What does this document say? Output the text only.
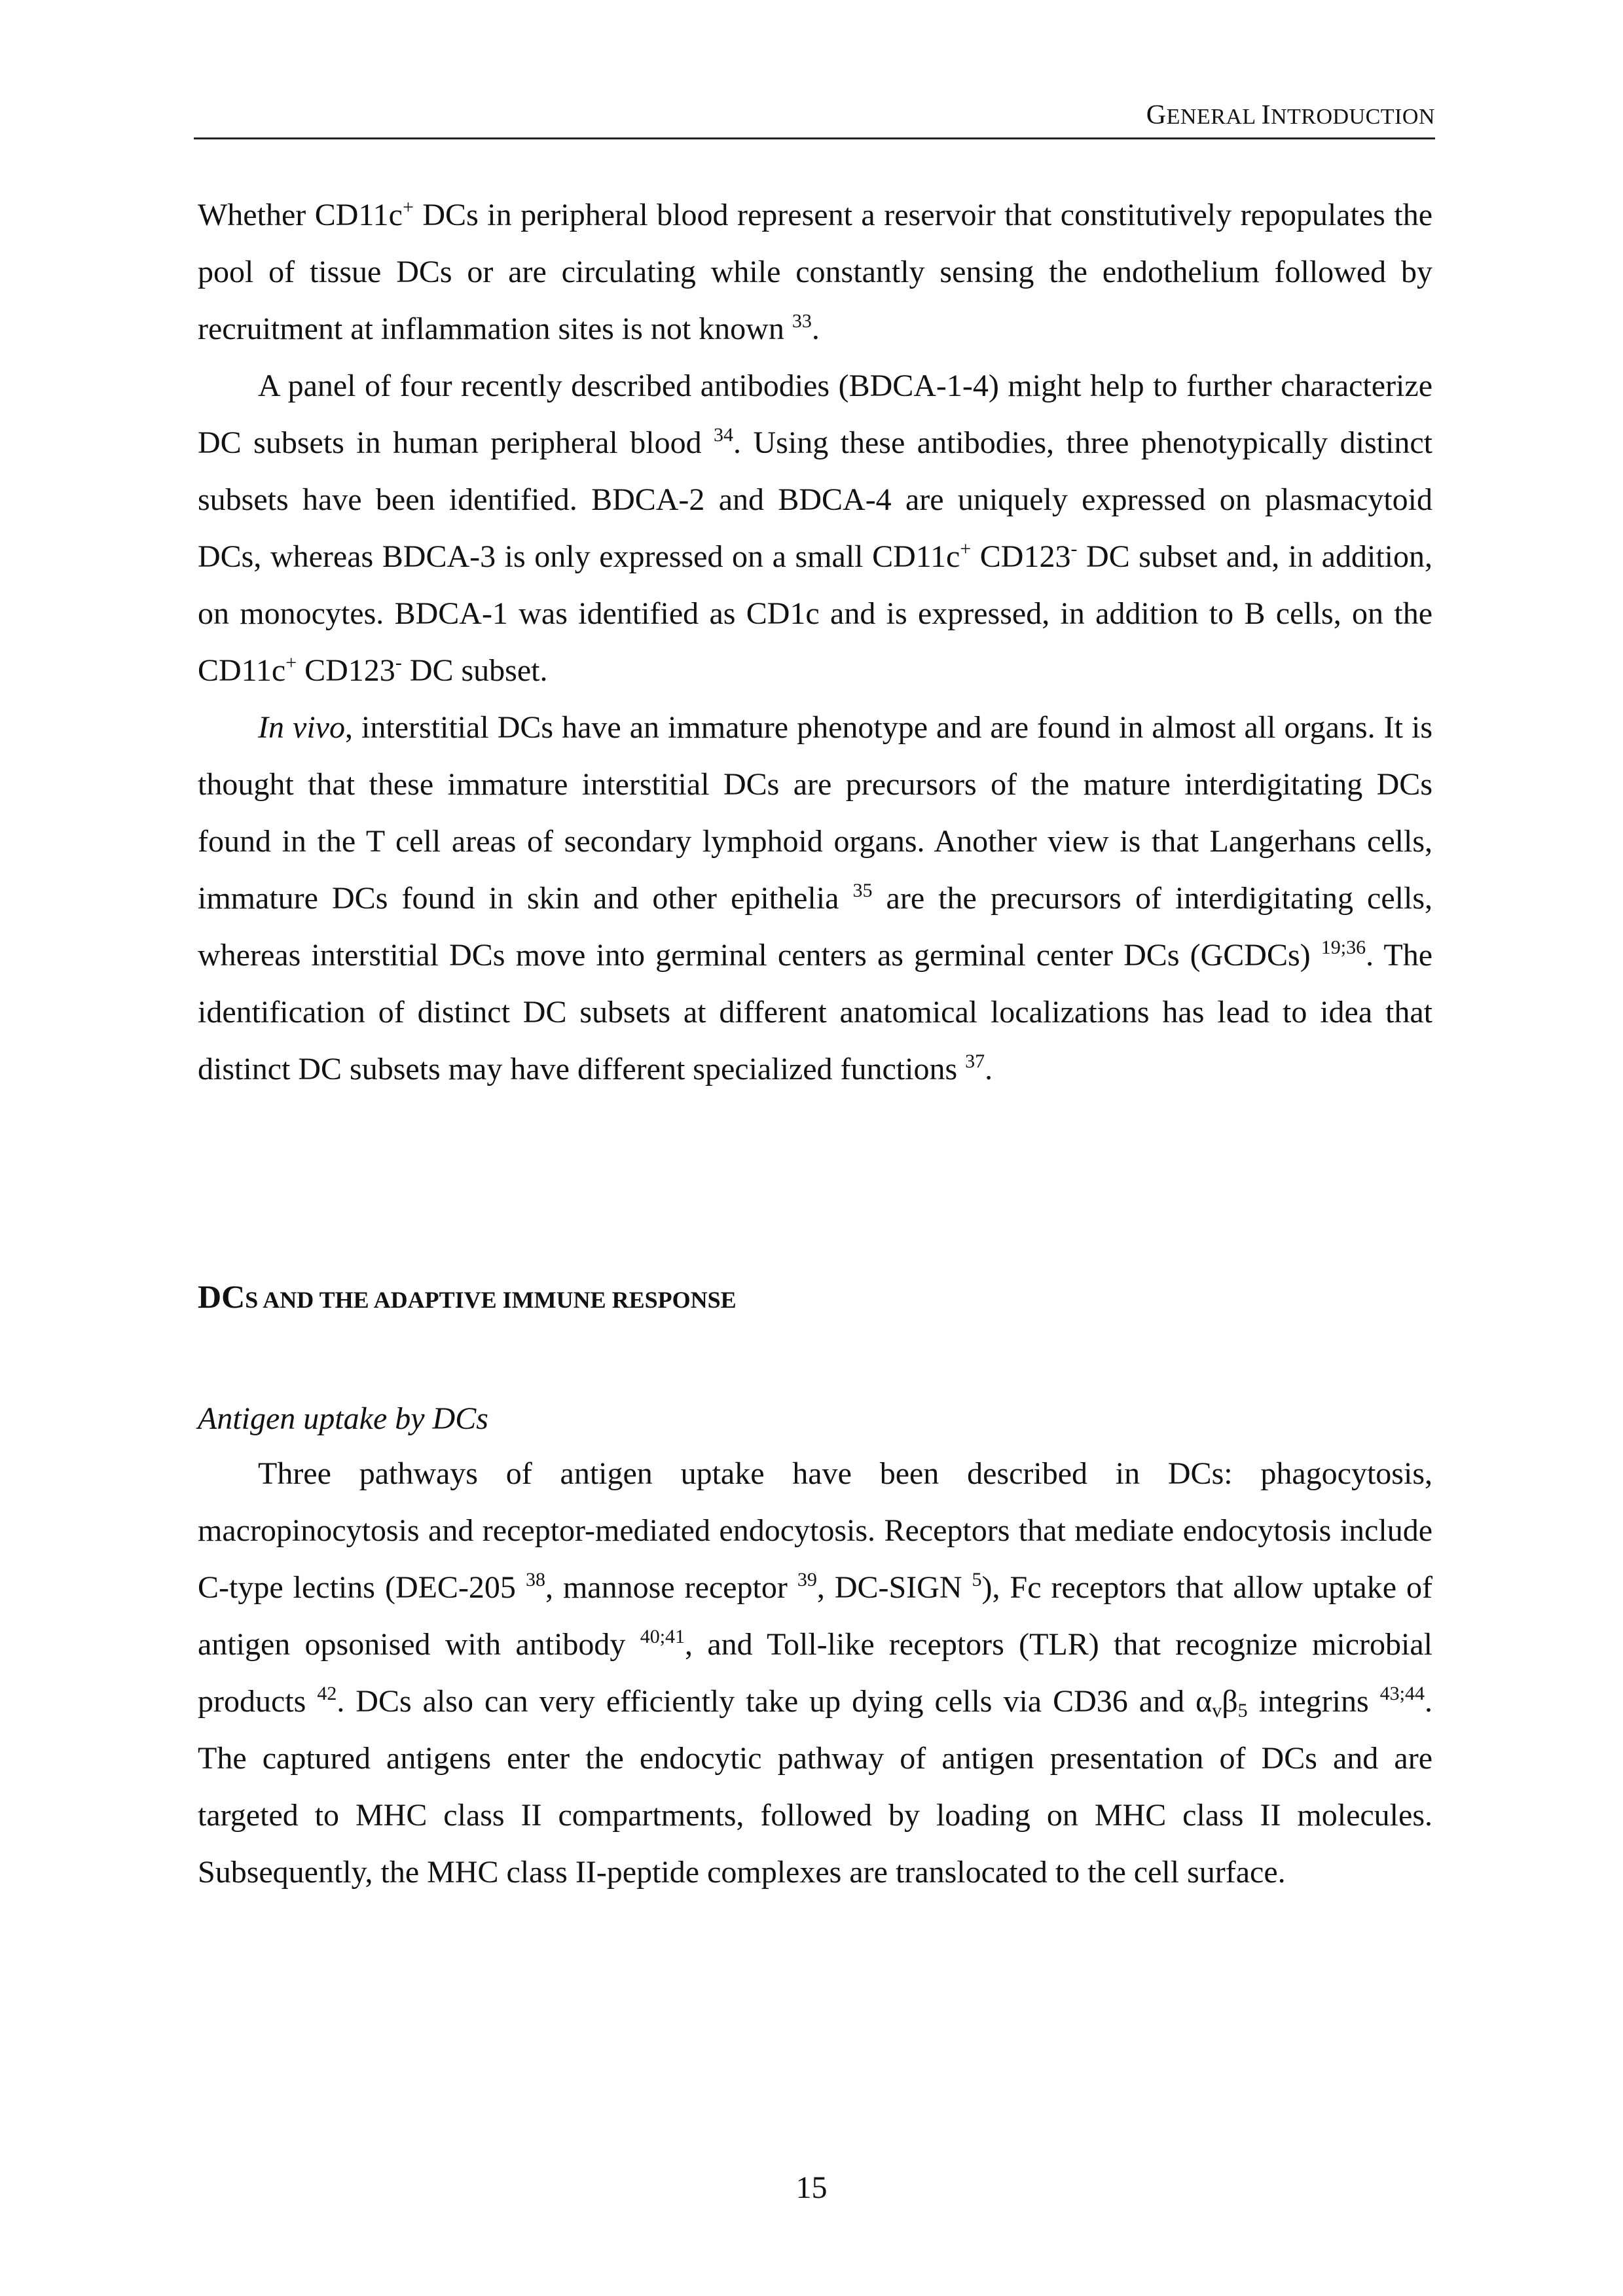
GENERAL INTRODUCTION

Whether CD11c+ DCs in peripheral blood represent a reservoir that constitutively repopulates the pool of tissue DCs or are circulating while constantly sensing the endothelium followed by recruitment at inflammation sites is not known $^{33}$.

A panel of four recently described antibodies (BDCA-1-4) might help to further characterize DC subsets in human peripheral blood $^{34}$. Using these antibodies, three phenotypically distinct subsets have been identified. BDCA-2 and BDCA-4 are uniquely expressed on plasmacytoid DCs, whereas BDCA-3 is only expressed on a small CD11c+ CD123- DC subset and, in addition, on monocytes. BDCA-1 was identified as CD1c and is expressed, in addition to B cells, on the CD11c+ CD123- DC subset.

In vivo, interstitial DCs have an immature phenotype and are found in almost all organs. It is thought that these immature interstitial DCs are precursors of the mature interdigitating DCs found in the T cell areas of secondary lymphoid organs. Another view is that Langerhans cells, immature DCs found in skin and other epithelia $^{35}$ are the precursors of interdigitating cells, whereas interstitial DCs move into germinal centers as germinal center DCs (GCDCs) $^{19;36}$. The identification of distinct DC subsets at different anatomical localizations has lead to idea that distinct DC subsets may have different specialized functions $^{37}$.

DCS AND THE ADAPTIVE IMMUNE RESPONSE
Antigen uptake by DCs

Three pathways of antigen uptake have been described in DCs: phagocytosis, macropinocytosis and receptor-mediated endocytosis. Receptors that mediate endocytosis include C-type lectins (DEC-205 $^{38}$, mannose receptor $^{39}$, DC-SIGN $^5$), Fc receptors that allow uptake of antigen opsonised with antibody $^{40;41}$, and Toll-like receptors (TLR) that recognize microbial products $^{42}$. DCs also can very efficiently take up dying cells via CD36 and $\alpha_v\beta_5$ integrins $^{43;44}$. The captured antigens enter the endocytic pathway of antigen presentation of DCs and are targeted to MHC class II compartments, followed by loading on MHC class II molecules. Subsequently, the MHC class II-peptide complexes are translocated to the cell surface.

15
